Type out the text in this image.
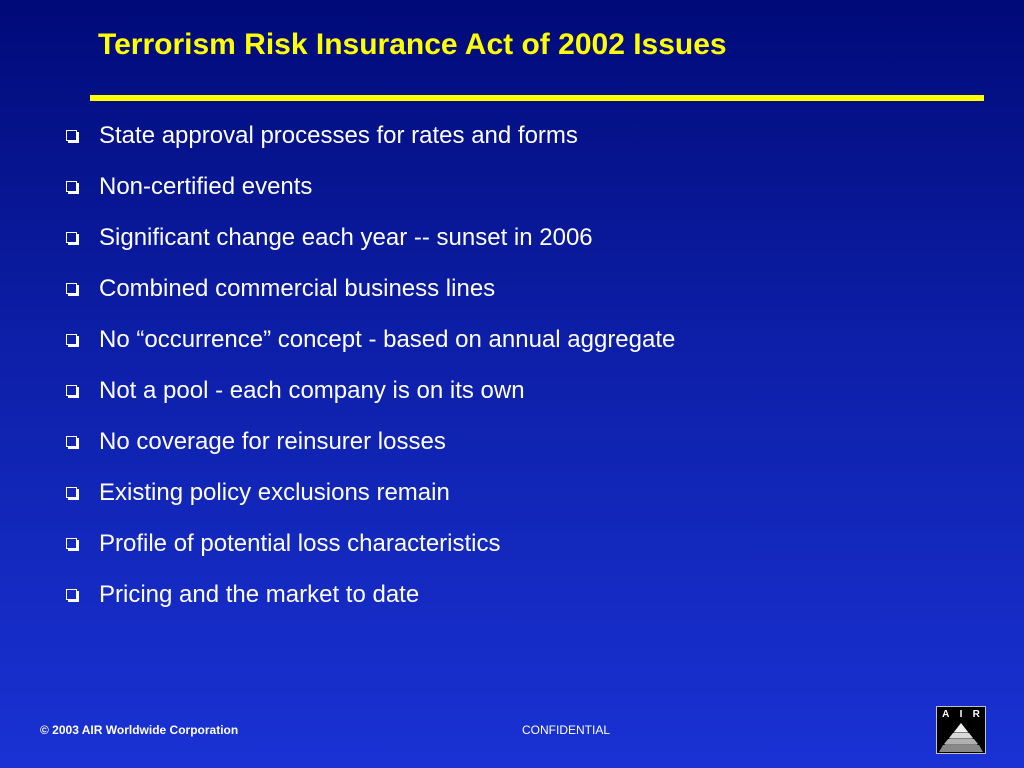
Terrorism Risk Insurance Act of 2002 Issues
State approval processes for rates and forms
Non-certified events
Significant change each year -- sunset in 2006
Combined commercial business lines
No “occurrence” concept - based on annual aggregate
Not a pool - each company is on its own
No coverage for reinsurer losses
Existing policy exclusions remain
Profile of potential loss characteristics
Pricing and the market to date
© 2003 AIR Worldwide Corporation	CONFIDENTIAL
A I R
